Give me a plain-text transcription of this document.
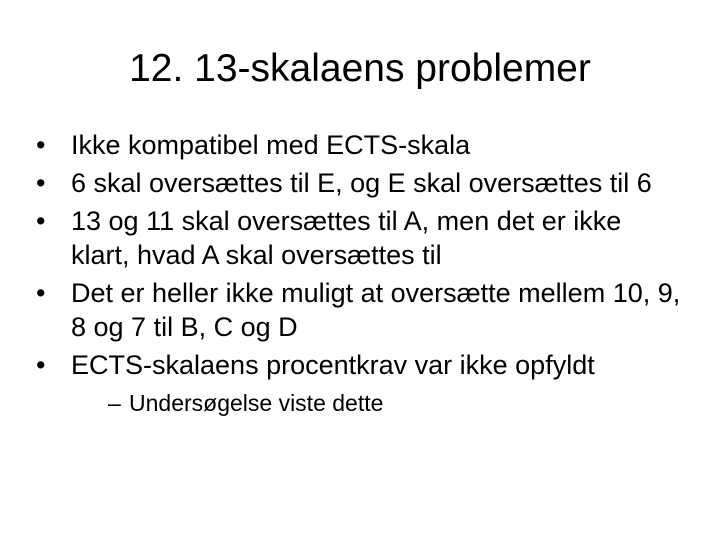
12. 13-skalaens problemer
• Ikke kompatibel med ECTS-skala
• 6 skal oversættes til E, og E skal oversættes til 6
• 13 og 11 skal oversættes til A, men det er ikke klart, hvad A skal oversættes til
• Det er heller ikke muligt at oversætte mellem 10, 9, 8 og 7 til B, C og D
• ECTS-skalaens procentkrav var ikke opfyldt
– Undersøgelse viste dette
